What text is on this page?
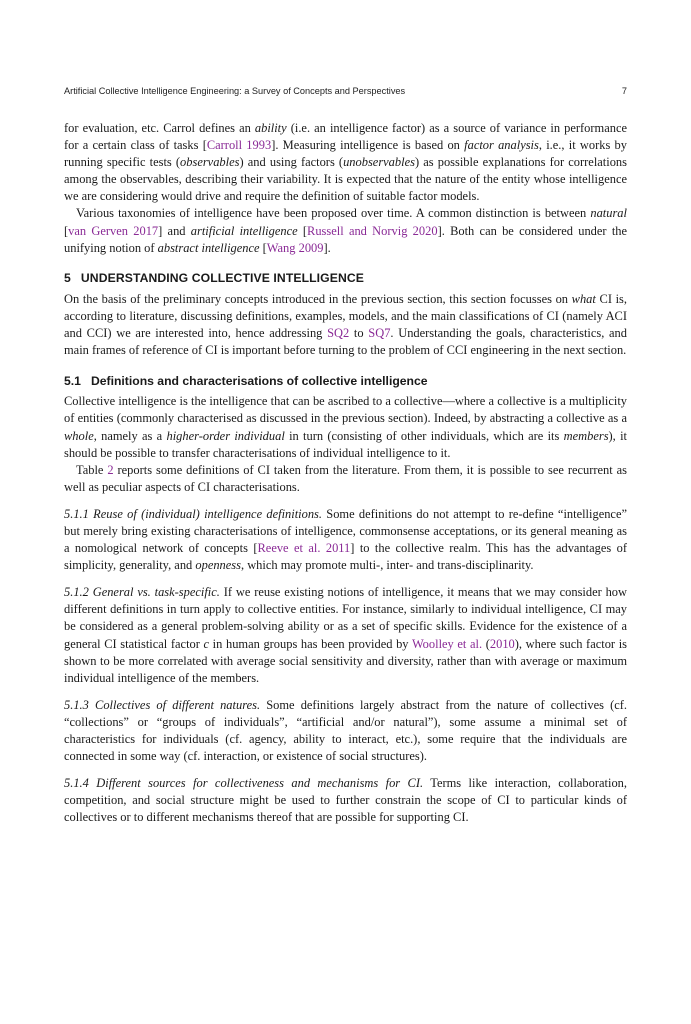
Artificial Collective Intelligence Engineering: a Survey of Concepts and Perspectives	7

for evaluation, etc. Carrol defines an ability (i.e. an intelligence factor) as a source of variance in performance for a certain class of tasks [Carroll 1993]. Measuring intelligence is based on factor analysis, i.e., it works by running specific tests (observables) and using factors (unobservables) as possible explanations for correlations among the observables, describing their variability. It is expected that the nature of the entity whose intelligence we are considering would drive and require the definition of suitable factor models.

Various taxonomies of intelligence have been proposed over time. A common distinction is between natural [van Gerven 2017] and artificial intelligence [Russell and Norvig 2020]. Both can be considered under the unifying notion of abstract intelligence [Wang 2009].

5 UNDERSTANDING COLLECTIVE INTELLIGENCE

On the basis of the preliminary concepts introduced in the previous section, this section focusses on what CI is, according to literature, discussing definitions, examples, models, and the main classifications of CI (namely ACI and CCI) we are interested into, hence addressing SQ2 to SQ7. Understanding the goals, characteristics, and main frames of reference of CI is important before turning to the problem of CCI engineering in the next section.

5.1 Definitions and characterisations of collective intelligence

Collective intelligence is the intelligence that can be ascribed to a collective—where a collective is a multiplicity of entities (commonly characterised as discussed in the previous section). Indeed, by abstracting a collective as a whole, namely as a higher-order individual in turn (consisting of other individuals, which are its members), it should be possible to transfer characterisations of individual intelligence to it.

Table 2 reports some definitions of CI taken from the literature. From them, it is possible to see recurrent as well as peculiar aspects of CI characterisations.

5.1.1 Reuse of (individual) intelligence definitions. Some definitions do not attempt to re-define “intelligence” but merely bring existing characterisations of intelligence, commonsense acceptations, or its general meaning as a nomological network of concepts [Reeve et al. 2011] to the collective realm. This has the advantages of simplicity, generality, and openness, which may promote multi-, inter- and trans-disciplinarity.

5.1.2 General vs. task-specific. If we reuse existing notions of intelligence, it means that we may consider how different definitions in turn apply to collective entities. For instance, similarly to individual intelligence, CI may be considered as a general problem-solving ability or as a set of specific skills. Evidence for the existence of a general CI statistical factor c in human groups has been provided by Woolley et al. (2010), where such factor is shown to be more correlated with average social sensitivity and diversity, rather than with average or maximum individual intelligence of the members.

5.1.3 Collectives of different natures. Some definitions largely abstract from the nature of collectives (cf. “collections” or “groups of individuals”, “artificial and/or natural”), some assume a minimal set of characteristics for individuals (cf. agency, ability to interact, etc.), some require that the individuals are connected in some way (cf. interaction, or existence of social structures).

5.1.4 Different sources for collectiveness and mechanisms for CI. Terms like interaction, collaboration, competition, and social structure might be used to further constrain the scope of CI to particular kinds of collectives or to different mechanisms thereof that are possible for supporting CI.
